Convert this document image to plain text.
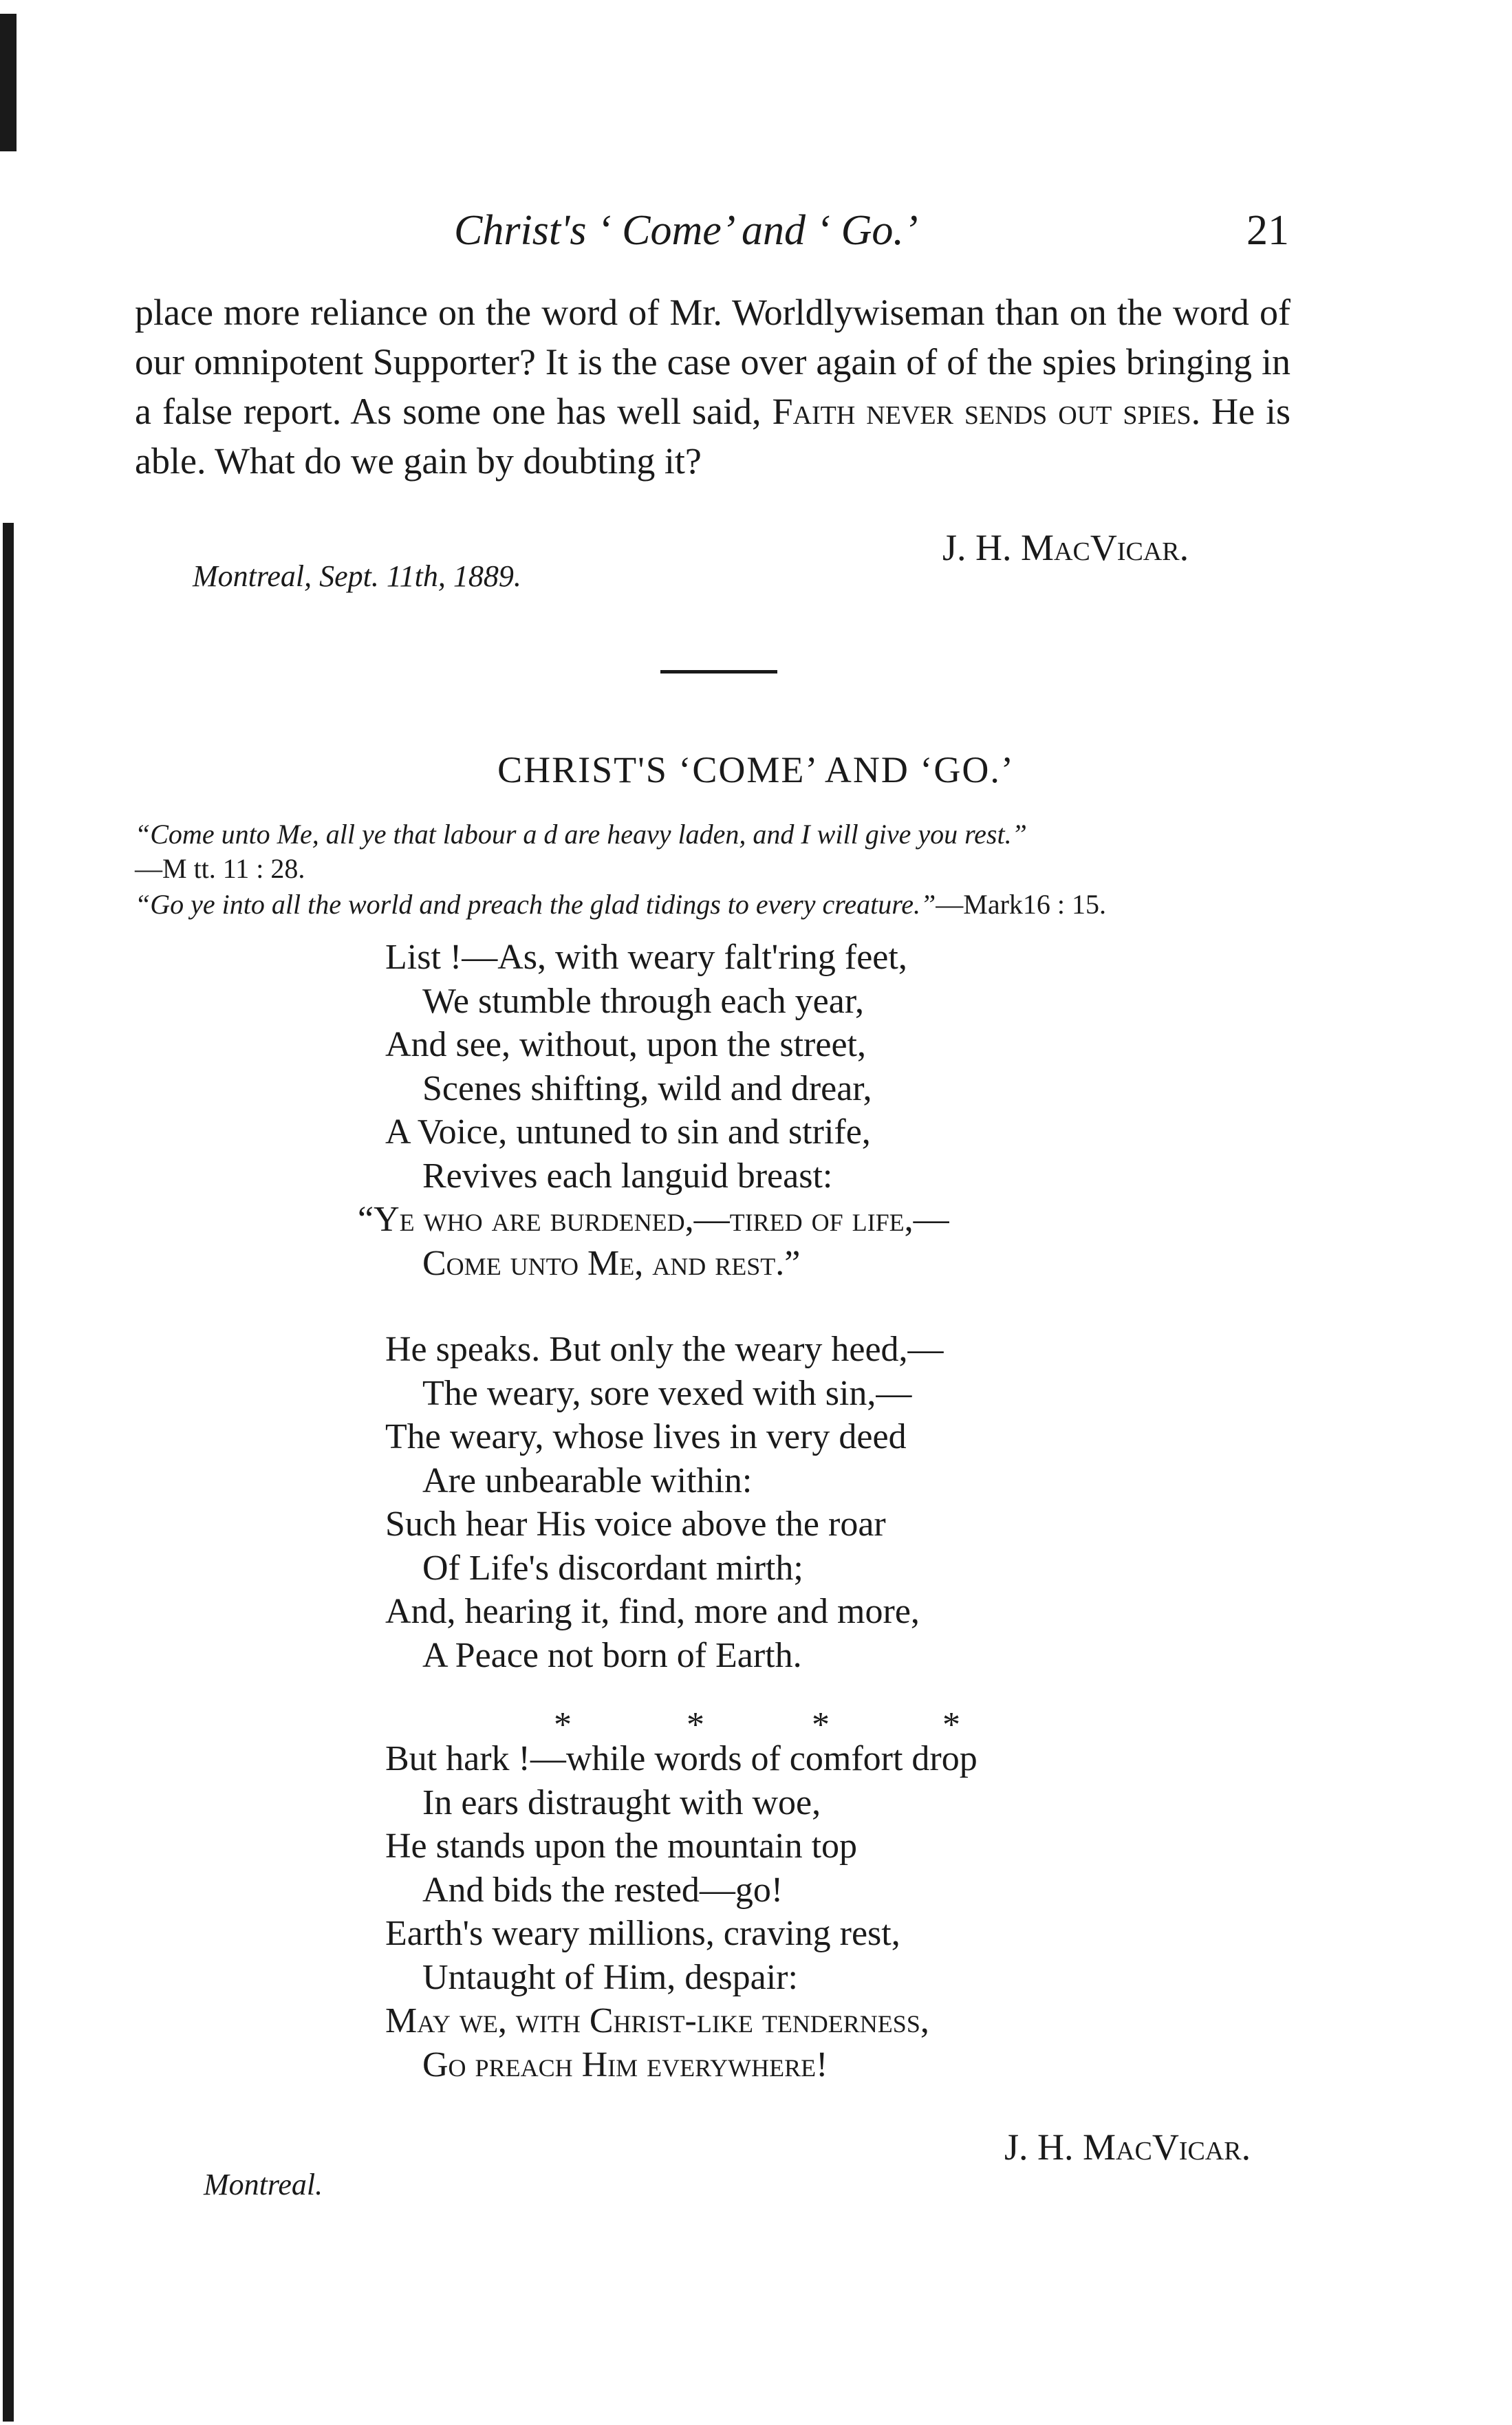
Christ's ‘ Come’ and ‘ Go.’	21

place more reliance on the word of Mr. Worldlywiseman than on the word of our omnipotent Supporter? It is the case over again of of the spies bringing in a false report. As some one has well said, Faith never sends out spies. He is able. What do we gain by doubting it?

J. H. MacVicar.
Montreal, Sept. 11th, 1889.
CHRIST'S ‘COME’ AND ‘GO.’
“Come unto Me, all ye that labour a d are heavy laden, and I will give you rest.”
—M tt. 11 : 28.
“Go ye into all the world and preach the glad tidings to every creature.”—Mark16 : 15.
List !—As, with weary falt'ring feet,
We stumble through each year,
And see, without, upon the street,
Scenes shifting, wild and drear,
A Voice, untuned to sin and strife,
Revives each languid breast:
“Ye who are burdened,—tired of life,—
Come unto Me, and rest.”
He speaks. But only the weary heed,—
The weary, sore vexed with sin,—
The weary, whose lives in very deed
Are unbearable within:
Such hear His voice above the roar
Of Life's discordant mirth;
And, hearing it, find, more and more,
A Peace not born of Earth.
*	*	*	*
But hark !—while words of comfort drop
In ears distraught with woe,
He stands upon the mountain top
And bids the rested—go!
Earth's weary millions, craving rest,
Untaught of Him, despair:
May we, with Christ-like tenderness,
Go preach Him everywhere!
J. H. MacVicar.
Montreal.
